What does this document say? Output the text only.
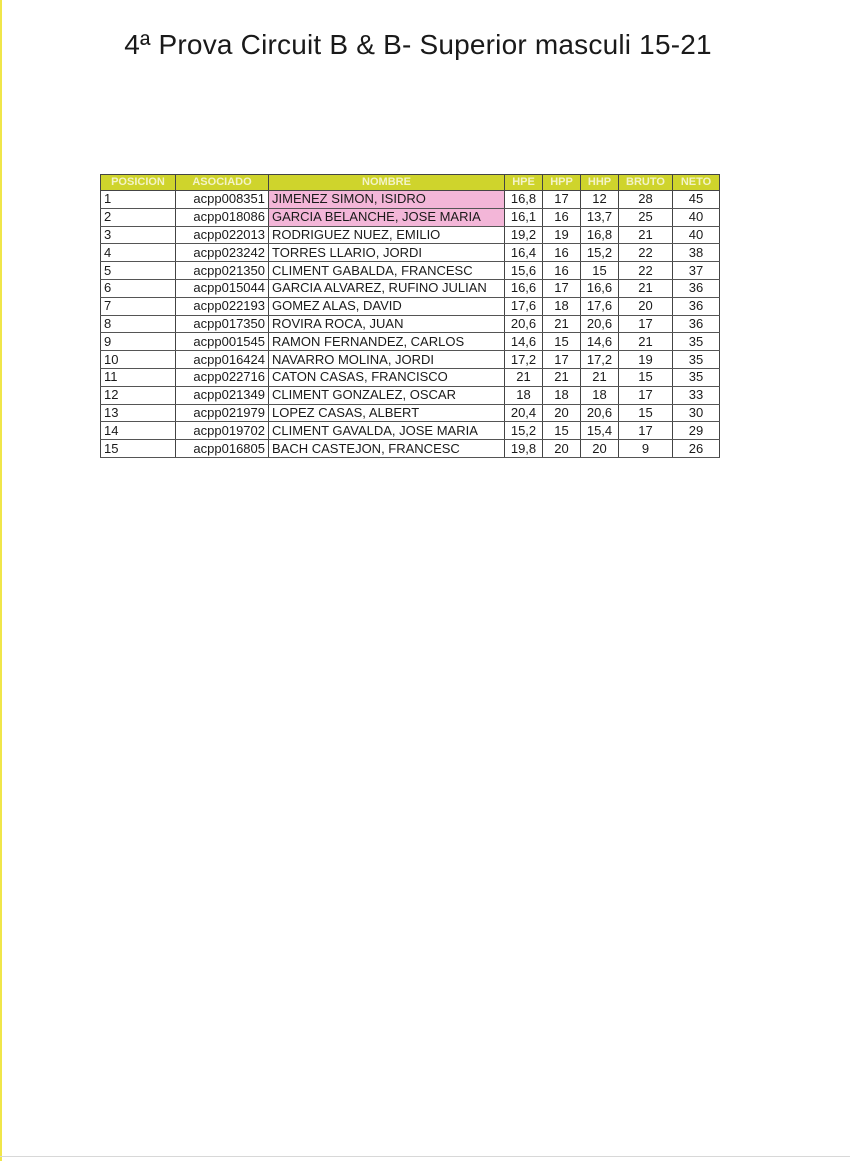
4ª Prova Circuit B & B- Superior masculi 15-21
POSICION	ASOCIADO	NOMBRE	HPE	HPP	HHP	BRUTO	NETO
1	acpp008351	JIMENEZ SIMON, ISIDRO	16,8	17	12	28	45
2	acpp018086	GARCIA BELANCHE, JOSE MARIA	16,1	16	13,7	25	40
3	acpp022013	RODRIGUEZ NUEZ, EMILIO	19,2	19	16,8	21	40
4	acpp023242	TORRES LLARIO, JORDI	16,4	16	15,2	22	38
5	acpp021350	CLIMENT GABALDA, FRANCESC	15,6	16	15	22	37
6	acpp015044	GARCIA ALVAREZ, RUFINO JULIAN	16,6	17	16,6	21	36
7	acpp022193	GOMEZ ALAS, DAVID	17,6	18	17,6	20	36
8	acpp017350	ROVIRA ROCA, JUAN	20,6	21	20,6	17	36
9	acpp001545	RAMON FERNANDEZ, CARLOS	14,6	15	14,6	21	35
10	acpp016424	NAVARRO MOLINA, JORDI	17,2	17	17,2	19	35
11	acpp022716	CATON CASAS, FRANCISCO	21	21	21	15	35
12	acpp021349	CLIMENT GONZALEZ, OSCAR	18	18	18	17	33
13	acpp021979	LOPEZ CASAS, ALBERT	20,4	20	20,6	15	30
14	acpp019702	CLIMENT GAVALDA, JOSE MARIA	15,2	15	15,4	17	29
15	acpp016805	BACH CASTEJON, FRANCESC	19,8	20	20	9	26
